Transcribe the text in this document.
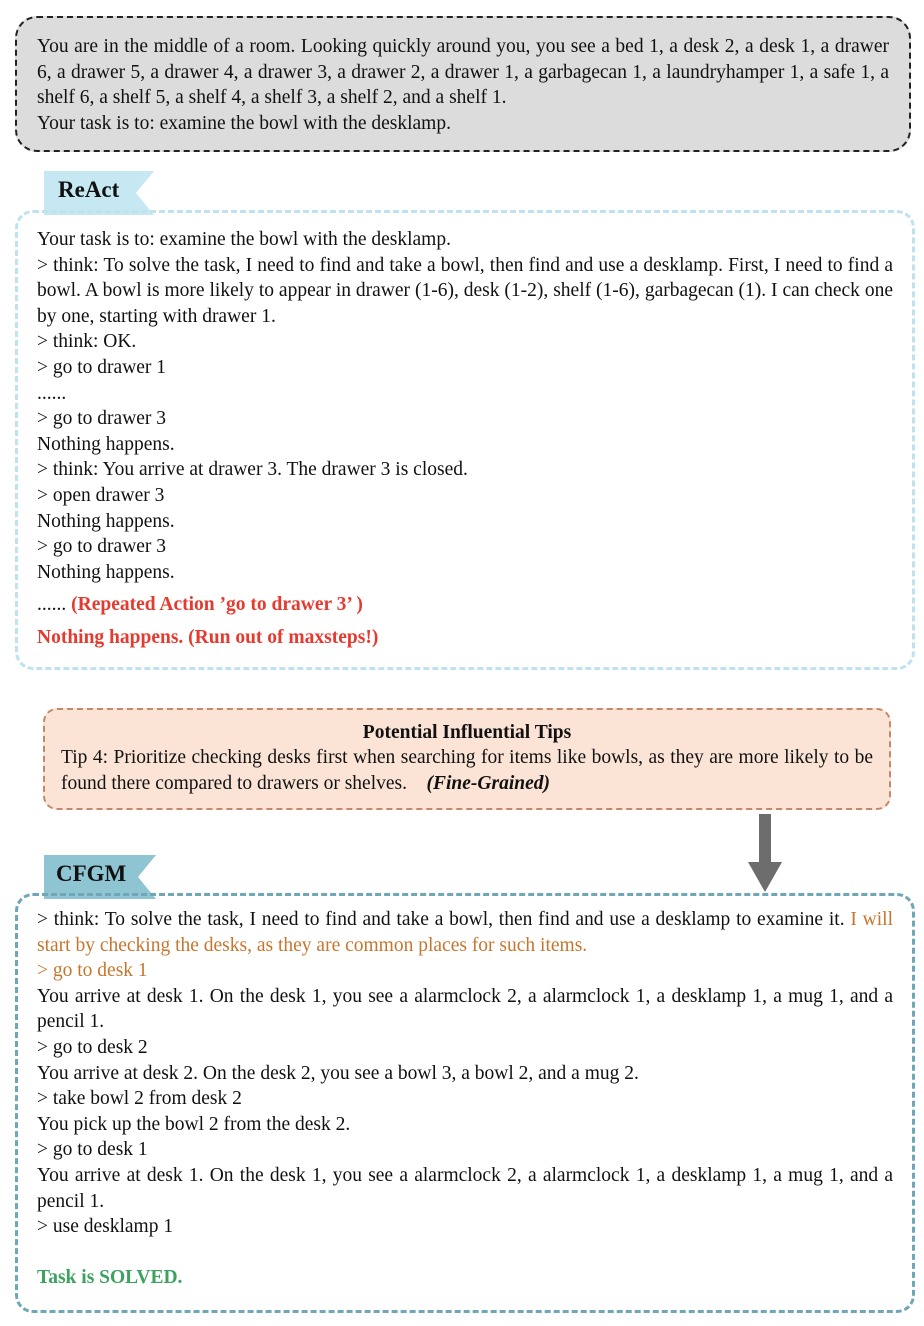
You are in the middle of a room. Looking quickly around you, you see a bed 1, a desk 2, a desk 1, a drawer 6, a drawer 5, a drawer 4, a drawer 3, a drawer 2, a drawer 1, a garbagecan 1, a laundryhamper 1, a safe 1, a shelf 6, a shelf 5, a shelf 4, a shelf 3, a shelf 2, and a shelf 1.
Your task is to: examine the bowl with the desklamp.
ReAct
Your task is to: examine the bowl with the desklamp.
> think: To solve the task, I need to find and take a bowl, then find and use a desklamp. First, I need to find a bowl. A bowl is more likely to appear in drawer (1-6), desk (1-2), shelf (1-6), garbagecan (1). I can check one by one, starting with drawer 1.
> think: OK.
> go to drawer 1
......
> go to drawer 3
Nothing happens.
> think: You arrive at drawer 3. The drawer 3 is closed.
> open drawer 3
Nothing happens.
> go to drawer 3
Nothing happens.
...... (Repeated Action ’go to drawer 3’ )
Nothing happens. (Run out of maxsteps!)
Potential Influential Tips
Tip 4: Prioritize checking desks first when searching for items like bowls, as they are more likely to be found there compared to drawers or shelves. (Fine-Grained)
CFGM
> think: To solve the task, I need to find and take a bowl, then find and use a desklamp to examine it. I will start by checking the desks, as they are common places for such items.
> go to desk 1
You arrive at desk 1. On the desk 1, you see a alarmclock 2, a alarmclock 1, a desklamp 1, a mug 1, and a pencil 1.
> go to desk 2
You arrive at desk 2. On the desk 2, you see a bowl 3, a bowl 2, and a mug 2.
> take bowl 2 from desk 2
You pick up the bowl 2 from the desk 2.
> go to desk 1
You arrive at desk 1. On the desk 1, you see a alarmclock 2, a alarmclock 1, a desklamp 1, a mug 1, and a pencil 1.
> use desklamp 1
Task is SOLVED.
